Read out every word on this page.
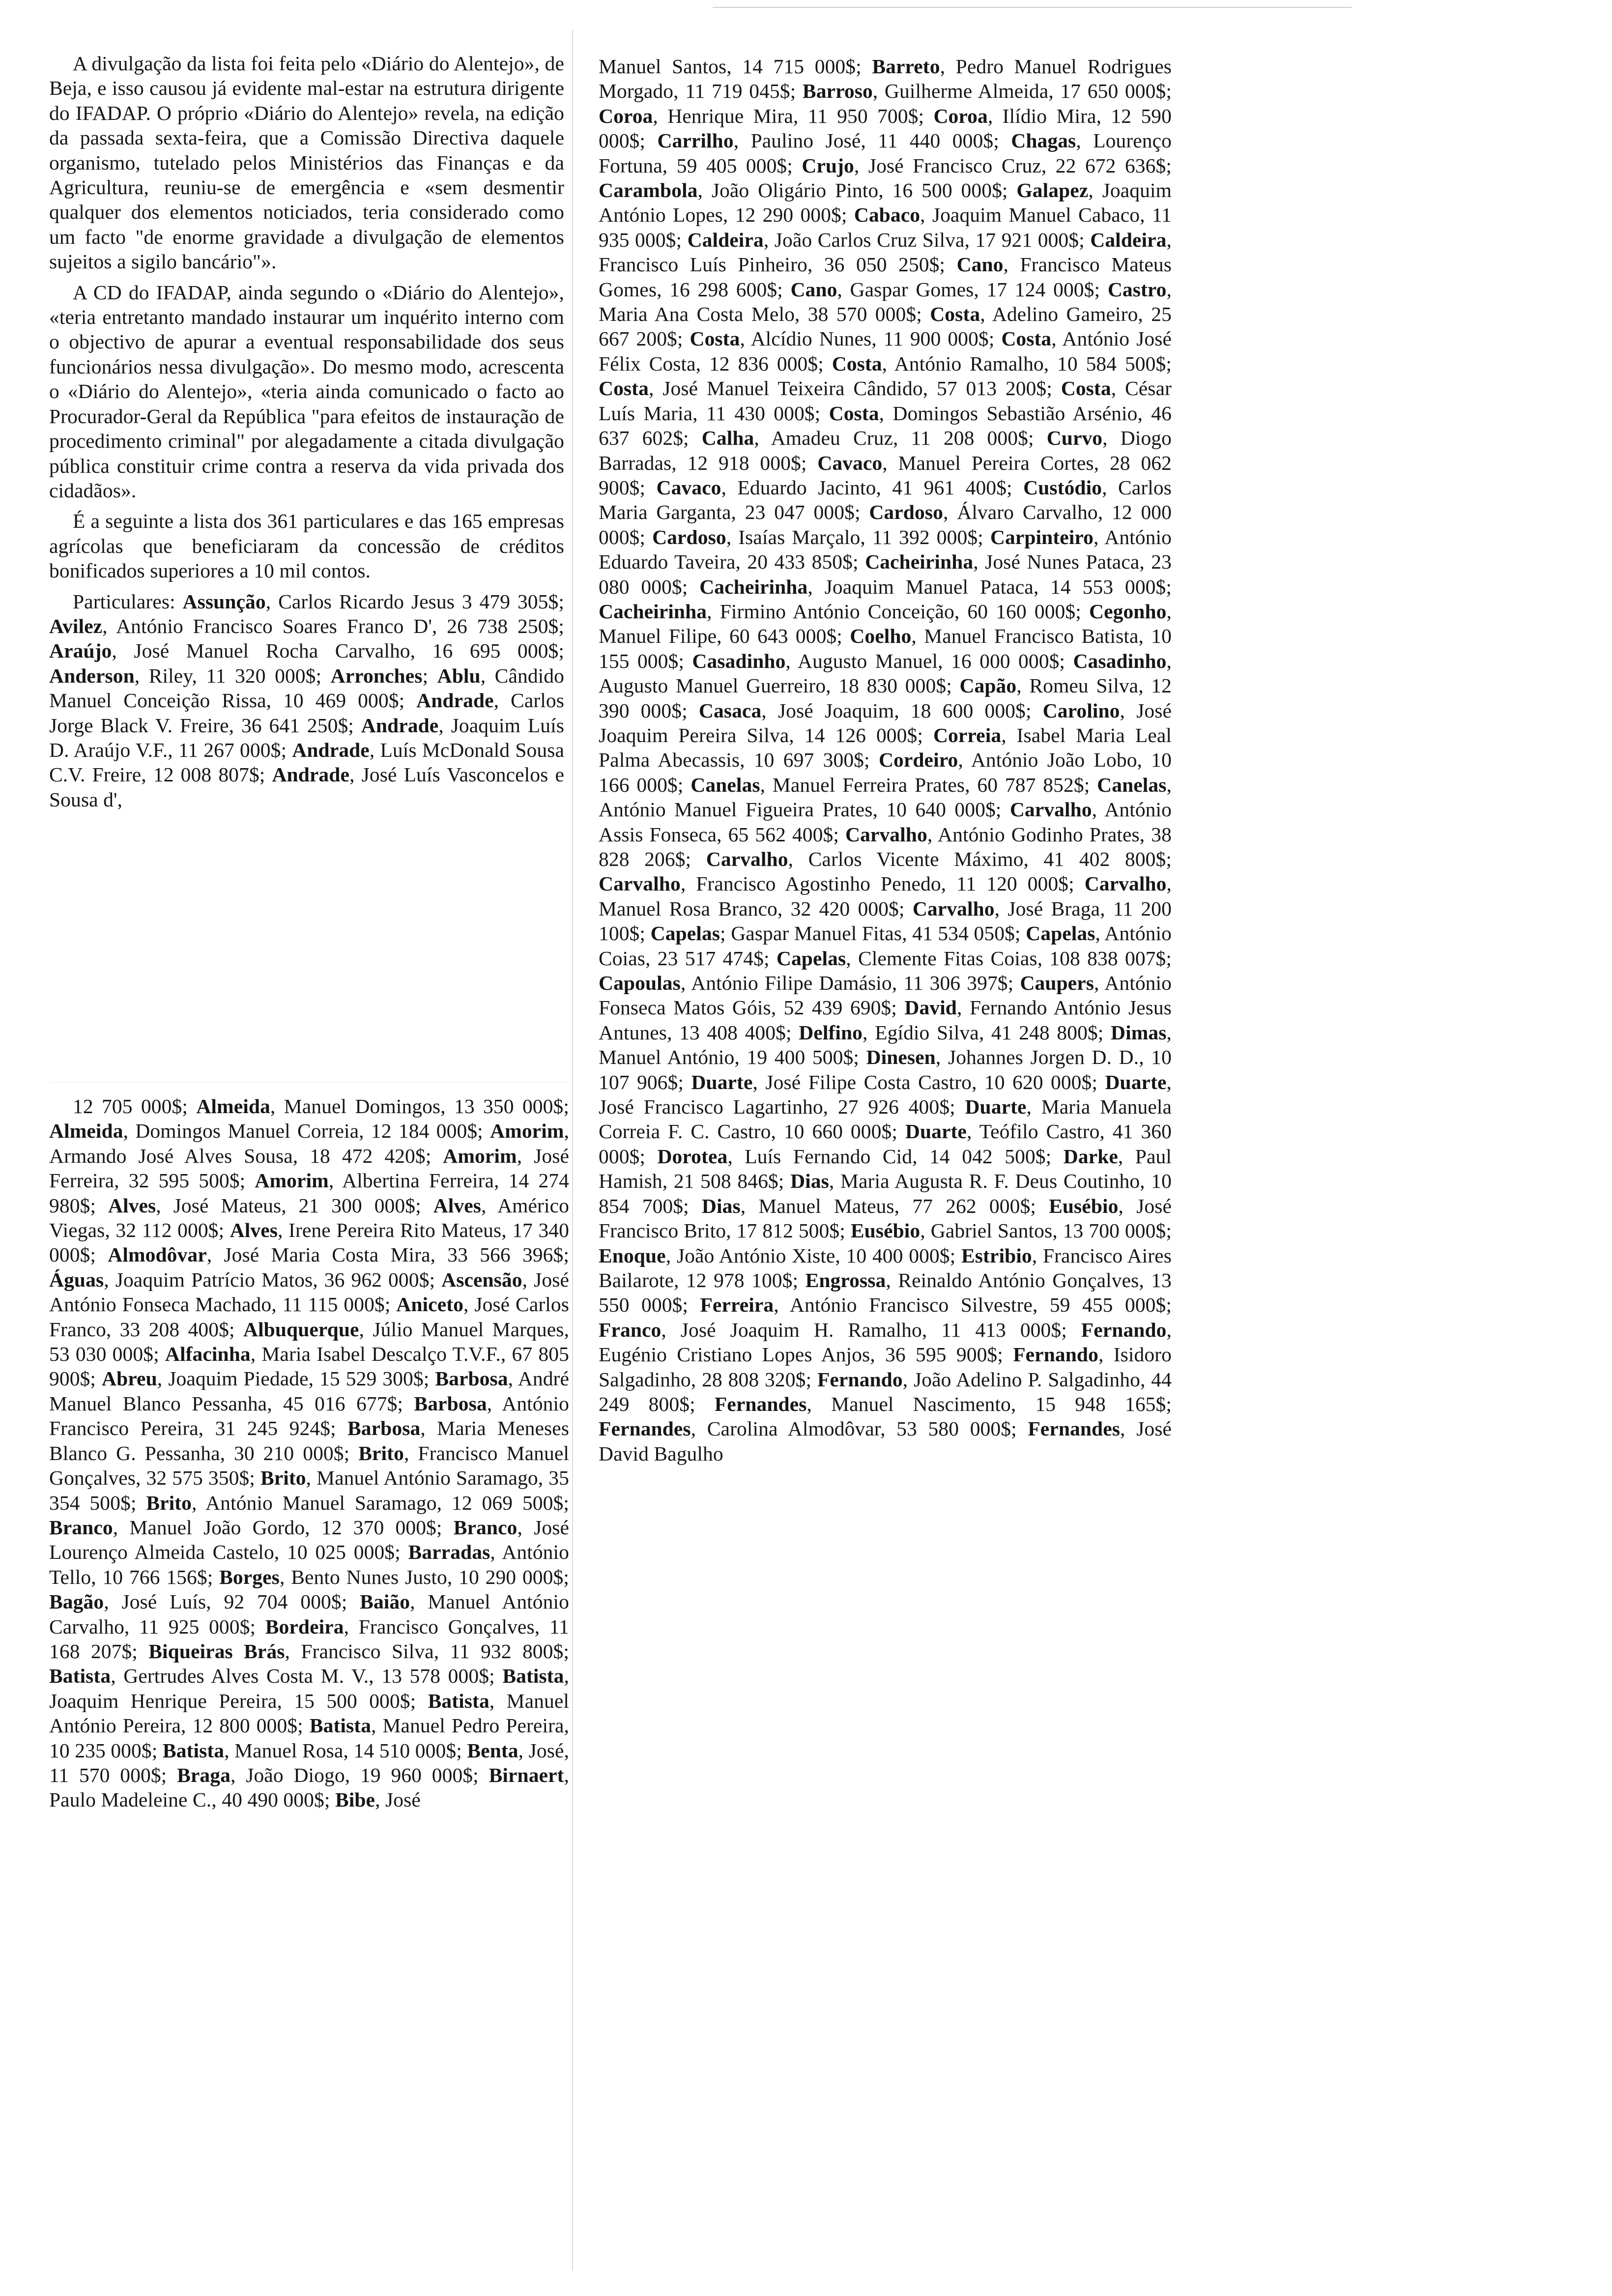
A divulgação da lista foi feita pelo «Diário do Alentejo», de Beja, e isso causou já evidente mal-estar na estrutura dirigente do IFADAP. O próprio «Diário do Alentejo» revela, na edição da passada sexta-feira, que a Comissão Directiva daquele organismo, tutelado pelos Ministérios das Finanças e da Agricultura, reuniu-se de emergência e «sem desmentir qualquer dos elementos noticiados, teria considerado como um facto "de enorme gravidade a divulgação de elementos sujeitos a sigilo bancário"».

A CD do IFADAP, ainda segundo o «Diário do Alentejo», «teria entretanto mandado instaurar um inquérito interno com o objectivo de apurar a eventual responsabilidade dos seus funcionários nessa divulgação». Do mesmo modo, acrescenta o «Diário do Alentejo», «teria ainda comunicado o facto ao Procurador-Geral da República "para efeitos de instauração de procedimento criminal" por alegadamente a citada divulgação pública constituir crime contra a reserva da vida privada dos cidadãos».

É a seguinte a lista dos 361 particulares e das 165 empresas agrícolas que beneficiaram da concessão de créditos bonificados superiores a 10 mil contos.

Particulares: Assunção, Carlos Ricardo Jesus 3 479 305$; Avilez, António Francisco Soares Franco D', 26 738 250$; Araújo, José Manuel Rocha Carvalho, 16 695 000$; Anderson, Riley, 11 320 000$; Arronches; Ablu, Cândido Manuel Conceição Rissa, 10 469 000$; Andrade, Carlos Jorge Black V. Freire, 36 641 250$; Andrade, Joaquim Luís D. Araújo V.F., 11 267 000$; Andrade, Luís McDonald Sousa C.V. Freire, 12 008 807$; Andrade, José Luís Vasconcelos e Sousa d',

12 705 000$; Almeida, Manuel Domingos, 13 350 000$; Almeida, Domingos Manuel Correia, 12 184 000$; Amorim, Armando José Alves Sousa, 18 472 420$; Amorim, José Ferreira, 32 595 500$; Amorim, Albertina Ferreira, 14 274 980$; Alves, José Mateus, 21 300 000$; Alves, Américo Viegas, 32 112 000$; Alves, Irene Pereira Rito Mateus, 17 340 000$; Almodôvar, José Maria Costa Mira, 33 566 396$; Águas, Joaquim Patrício Matos, 36 962 000$; Ascensão, José António Fonseca Machado, 11 115 000$; Aniceto, José Carlos Franco, 33 208 400$; Albuquerque, Júlio Manuel Marques, 53 030 000$; Alfacinha, Maria Isabel Descalço T.V.F., 67 805 900$; Abreu, Joaquim Piedade, 15 529 300$; Barbosa, André Manuel Blanco Pessanha, 45 016 677$; Barbosa, António Francisco Pereira, 31 245 924$; Barbosa, Maria Meneses Blanco G. Pessanha, 30 210 000$; Brito, Francisco Manuel Gonçalves, 32 575 350$; Brito, Manuel António Saramago, 35 354 500$; Brito, António Manuel Saramago, 12 069 500$; Branco, Manuel João Gordo, 12 370 000$; Branco, José Lourenço Almeida Castelo, 10 025 000$; Barradas, António Tello, 10 766 156$; Borges, Bento Nunes Justo, 10 290 000$; Bagão, José Luís, 92 704 000$; Baião, Manuel António Carvalho, 11 925 000$; Bordeira, Francisco Gonçalves, 11 168 207$; Biqueiras Brás, Francisco Silva, 11 932 800$; Batista, Gertrudes Alves Costa M. V., 13 578 000$; Batista, Joaquim Henrique Pereira, 15 500 000$; Batista, Manuel António Pereira, 12 800 000$; Batista, Manuel Pedro Pereira, 10 235 000$; Batista, Manuel Rosa, 14 510 000$; Benta, José, 11 570 000$; Braga, João Diogo, 19 960 000$; Birnaert, Paulo Madeleine C., 40 490 000$; Bibe, José

Manuel Santos, 14 715 000$; Barreto, Pedro Manuel Rodrigues Morgado, 11 719 045$; Barroso, Guilherme Almeida, 17 650 000$; Coroa, Henrique Mira, 11 950 700$; Coroa, Ilídio Mira, 12 590 000$; Carrilho, Paulino José, 11 440 000$; Chagas, Lourenço Fortuna, 59 405 000$; Crujo, José Francisco Cruz, 22 672 636$; Carambola, João Oligário Pinto, 16 500 000$; Galapez, Joaquim António Lopes, 12 290 000$; Cabaco, Joaquim Manuel Cabaco, 11 935 000$; Caldeira, João Carlos Cruz Silva, 17 921 000$; Caldeira, Francisco Luís Pinheiro, 36 050 250$; Cano, Francisco Mateus Gomes, 16 298 600$; Cano, Gaspar Gomes, 17 124 000$; Castro, Maria Ana Costa Melo, 38 570 000$; Costa, Adelino Gameiro, 25 667 200$; Costa, Alcídio Nunes, 11 900 000$; Costa, António José Félix Costa, 12 836 000$; Costa, António Ramalho, 10 584 500$; Costa, José Manuel Teixeira Cândido, 57 013 200$; Costa, César Luís Maria, 11 430 000$; Costa, Domingos Sebastião Arsénio, 46 637 602$; Calha, Amadeu Cruz, 11 208 000$; Curvo, Diogo Barradas, 12 918 000$; Cavaco, Manuel Pereira Cortes, 28 062 900$; Cavaco, Eduardo Jacinto, 41 961 400$; Custódio, Carlos Maria Garganta, 23 047 000$; Cardoso, Álvaro Carvalho, 12 000 000$; Cardoso, Isaías Marçalo, 11 392 000$; Carpinteiro, António Eduardo Taveira, 20 433 850$; Cacheirinha, José Nunes Pataca, 23 080 000$; Cacheirinha, Joaquim Manuel Pataca, 14 553 000$; Cacheirinha, Firmino António Conceição, 60 160 000$; Cegonho, Manuel Filipe, 60 643 000$; Coelho, Manuel Francisco Batista, 10 155 000$; Casadinho, Augusto Manuel, 16 000 000$; Casadinho, Augusto Manuel Guerreiro, 18 830 000$; Capão, Romeu Silva, 12 390 000$; Casaca, José Joaquim, 18 600 000$; Carolino, José Joaquim Pereira Silva, 14 126 000$; Correia, Isabel Maria Leal Palma Abecassis, 10 697 300$; Cordeiro, António João Lobo, 10 166 000$; Canelas, Manuel Ferreira Prates, 60 787 852$; Canelas, António Manuel Figueira Prates, 10 640 000$; Carvalho, António Assis Fonseca, 65 562 400$; Carvalho, António Godinho Prates, 38 828 206$; Carvalho, Carlos Vicente Máximo, 41 402 800$; Carvalho, Francisco Agostinho Penedo, 11 120 000$; Carvalho, Manuel Rosa Branco, 32 420 000$; Carvalho, José Braga, 11 200 100$; Capelas; Gaspar Manuel Fitas, 41 534 050$; Capelas, António Coias, 23 517 474$; Capelas, Clemente Fitas Coias, 108 838 007$; Capoulas, António Filipe Damásio, 11 306 397$; Caupers, António Fonseca Matos Góis, 52 439 690$; David, Fernando António Jesus Antunes, 13 408 400$; Delfino, Egídio Silva, 41 248 800$; Dimas, Manuel António, 19 400 500$; Dinesen, Johannes Jorgen D. D., 10 107 906$; Duarte, José Filipe Costa Castro, 10 620 000$; Duarte, José Francisco Lagartinho, 27 926 400$; Duarte, Maria Manuela Correia F. C. Castro, 10 660 000$; Duarte, Teófilo Castro, 41 360 000$; Dorotea, Luís Fernando Cid, 14 042 500$; Darke, Paul Hamish, 21 508 846$; Dias, Maria Augusta R. F. Deus Coutinho, 10 854 700$; Dias, Manuel Mateus, 77 262 000$; Eusébio, José Francisco Brito, 17 812 500$; Eusébio, Gabriel Santos, 13 700 000$; Enoque, João António Xiste, 10 400 000$; Estribio, Francisco Aires Bailarote, 12 978 100$; Engrossa, Reinaldo António Gonçalves, 13 550 000$; Ferreira, António Francisco Silvestre, 59 455 000$; Franco, José Joaquim H. Ramalho, 11 413 000$; Fernando, Eugénio Cristiano Lopes Anjos, 36 595 900$; Fernando, Isidoro Salgadinho, 28 808 320$; Fernando, João Adelino P. Salgadinho, 44 249 800$; Fernandes, Manuel Nascimento, 15 948 165$; Fernandes, Carolina Almodôvar, 53 580 000$; Fernandes, José David Bagulho
